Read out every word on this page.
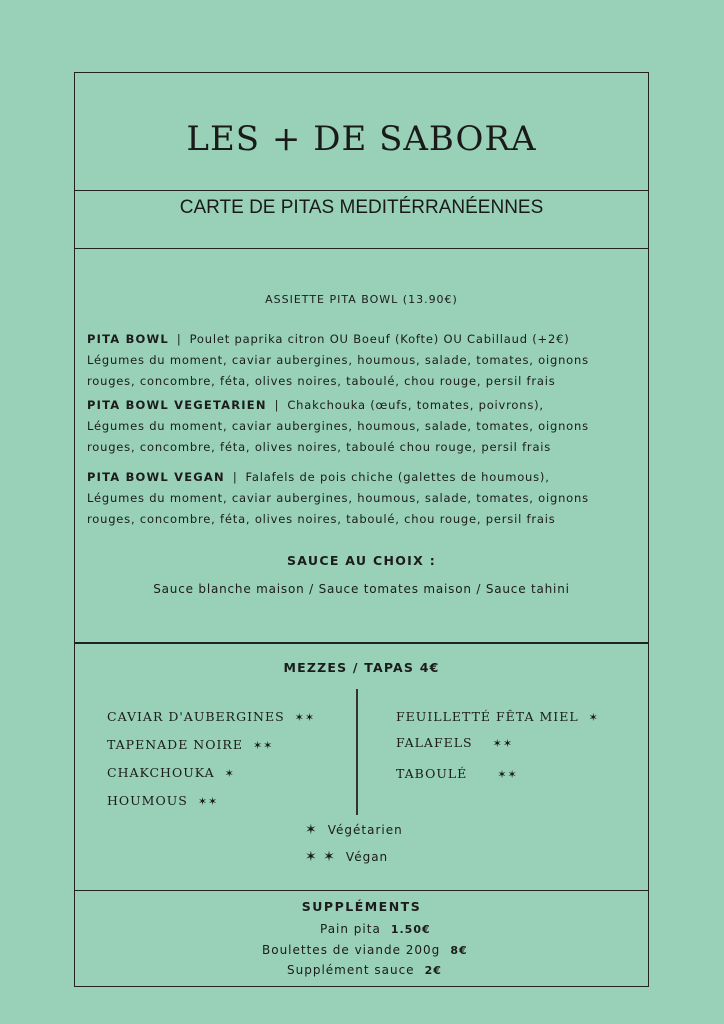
LES + DE SABORA
CARTE DE PITAS MEDITÉRRANÉENNES
ASSIETTE PITA BOWL (13.90€)
PITA BOWL | Poulet paprika citron OU Boeuf (Kofte) OU Cabillaud (+2€)
Légumes du moment, caviar aubergines, houmous, salade, tomates, oignons
rouges, concombre, féta, olives noires, taboulé, chou rouge, persil frais
PITA BOWL VEGETARIEN | Chakchouka (œufs, tomates, poivrons),
Légumes du moment, caviar aubergines, houmous, salade, tomates, oignons
rouges, concombre, féta, olives noires, taboulé chou rouge, persil frais
PITA BOWL VEGAN | Falafels de pois chiche (galettes de houmous),
Légumes du moment, caviar aubergines, houmous, salade, tomates, oignons
rouges, concombre, féta, olives noires, taboulé, chou rouge, persil frais
SAUCE AU CHOIX :
Sauce blanche maison / Sauce tomates maison / Sauce tahini
MEZZES / TAPAS 4€
CAVIAR D'AUBERGINES ✶✶
TAPENADE NOIRE ✶✶
CHAKCHOUKA ✶
HOUMOUS ✶✶
FEUILLETTÉ FÊTA MIEL ✶
FALAFELS ✶✶
TABOULÉ	✶✶
✶ Végétarien
✶ ✶ Végan
SUPPLÉMENTS
Pain pita 1.50€
Boulettes de viande 200g 8€
Supplément sauce 2€
